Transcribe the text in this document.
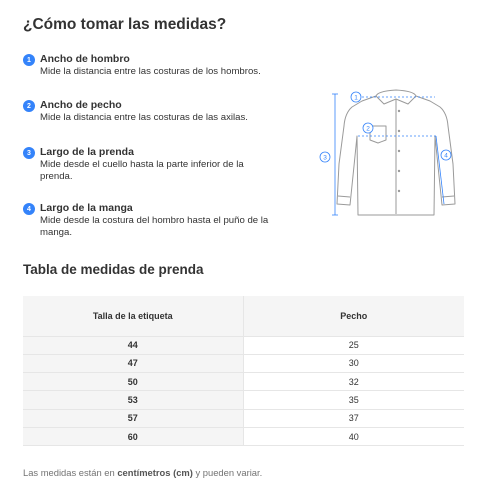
¿Cómo tomar las medidas?
1 Ancho de hombro
Mide la distancia entre las costuras de los hombros.
2 Ancho de pecho
Mide la distancia entre las costuras de las axilas.
3 Largo de la prenda
Mide desde el cuello hasta la parte inferior de la prenda.
4 Largo de la manga
Mide desde la costura del hombro hasta el puño de la manga.
1
2
3	4
Tabla de medidas de prenda
Talla de la etiqueta	Pecho
44	25
47	30
50	32
53	35
57	37
60	40
Las medidas están en centímetros (cm) y pueden variar.
